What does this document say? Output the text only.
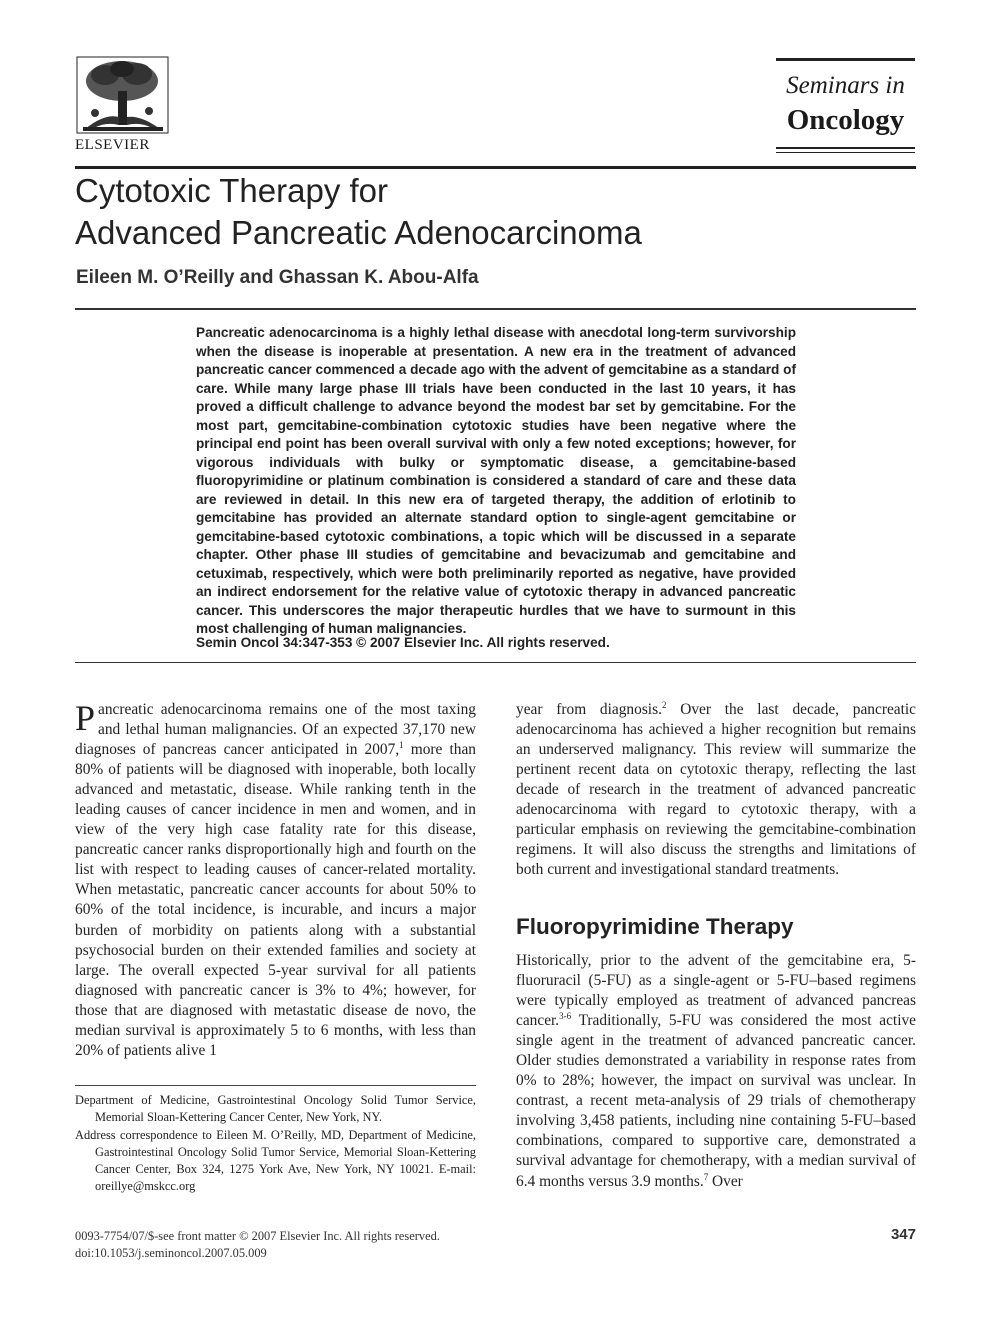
ELSEVIER
Seminars in
Oncology
Cytotoxic Therapy for
Advanced Pancreatic Adenocarcinoma
Eileen M. O’Reilly and Ghassan K. Abou-Alfa

Pancreatic adenocarcinoma is a highly lethal disease with anecdotal long-term survivorship when the disease is inoperable at presentation. A new era in the treatment of advanced pancreatic cancer commenced a decade ago with the advent of gemcitabine as a standard of care. While many large phase III trials have been conducted in the last 10 years, it has proved a difficult challenge to advance beyond the modest bar set by gemcitabine. For the most part, gemcitabine-combination cytotoxic studies have been negative where the principal end point has been overall survival with only a few noted exceptions; however, for vigorous individuals with bulky or symptomatic disease, a gemcitabine-based fluoropyrimidine or platinum combination is considered a standard of care and these data are reviewed in detail. In this new era of targeted therapy, the addition of erlotinib to gemcitabine has provided an alternate standard option to single-agent gemcitabine or gemcitabine-based cytotoxic combinations, a topic which will be discussed in a separate chapter. Other phase III studies of gemcitabine and bevacizumab and gemcitabine and cetuximab, respectively, which were both preliminarily reported as negative, have provided an indirect endorsement for the relative value of cytotoxic therapy in advanced pancreatic cancer. This underscores the major therapeutic hurdles that we have to surmount in this most challenging of human malignancies.

Semin Oncol 34:347-353 © 2007 Elsevier Inc. All rights reserved.

Pancreatic adenocarcinoma remains one of the most taxing and lethal human malignancies. Of an expected 37,170 new diagnoses of pancreas cancer anticipated in 2007,$^1$ more than 80% of patients will be diagnosed with inoperable, both locally advanced and metastatic, disease. While ranking tenth in the leading causes of cancer incidence in men and women, and in view of the very high case fatality rate for this disease, pancreatic cancer ranks disproportionally high and fourth on the list with respect to leading causes of cancer-related mortality. When metastatic, pancreatic cancer accounts for about 50% to 60% of the total incidence, is incurable, and incurs a major burden of morbidity on patients along with a substantial psychosocial burden on their extended families and society at large. The overall expected 5-year survival for all patients diagnosed with pancreatic cancer is 3% to 4%; however, for those that are diagnosed with metastatic disease de novo, the median survival is approximately 5 to 6 months, with less than 20% of patients alive 1

year from diagnosis.$^2$ Over the last decade, pancreatic adenocarcinoma has achieved a higher recognition but remains an underserved malignancy. This review will summarize the pertinent recent data on cytotoxic therapy, reflecting the last decade of research in the treatment of advanced pancreatic adenocarcinoma with regard to cytotoxic therapy, with a particular emphasis on reviewing the gemcitabine-combination regimens. It will also discuss the strengths and limitations of both current and investigational standard treatments.

Fluoropyrimidine Therapy

Historically, prior to the advent of the gemcitabine era, 5-fluoruracil (5-FU) as a single-agent or 5-FU–based regimens were typically employed as treatment of advanced pancreas cancer.$^{3-6}$ Traditionally, 5-FU was considered the most active single agent in the treatment of advanced pancreatic cancer. Older studies demonstrated a variability in response rates from 0% to 28%; however, the impact on survival was unclear. In contrast, a recent meta-analysis of 29 trials of chemotherapy involving 3,458 patients, including nine containing 5-FU–based combinations, compared to supportive care, demonstrated a survival advantage for chemotherapy, with a median survival of 6.4 months versus 3.9 months.$^7$ Over

Department of Medicine, Gastrointestinal Oncology Solid Tumor Service, Memorial Sloan-Kettering Cancer Center, New York, NY.

Address correspondence to Eileen M. O’Reilly, MD, Department of Medicine, Gastrointestinal Oncology Solid Tumor Service, Memorial Sloan-Kettering Cancer Center, Box 324, 1275 York Ave, New York, NY 10021. E-mail: oreillye@mskcc.org

0093-7754/07/$-see front matter © 2007 Elsevier Inc. All rights reserved.
doi:10.1053/j.seminoncol.2007.05.009
347
